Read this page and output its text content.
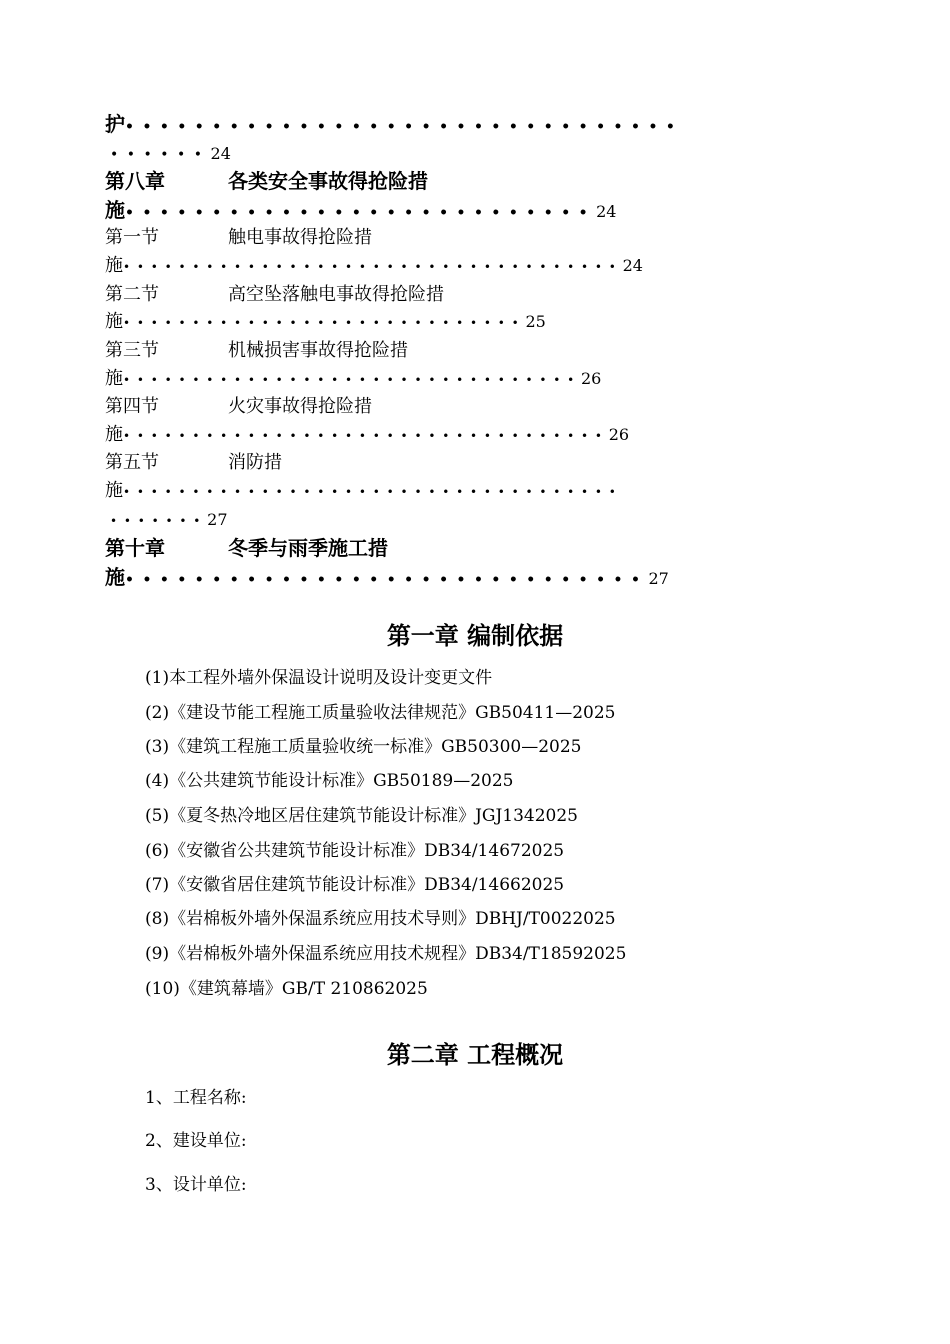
护••••••••••••••••••••••••••••••••
••••••24
第八章	各类安全事故得抢险措
施•••••••••••••••••••••••••••24
第一节	触电事故得抢险措
施••••••••••••••••••••••••••••••••••••24
第二节	高空坠落触电事故得抢险措
施•••••••••••••••••••••••••••••25
第三节	机械损害事故得抢险措
施•••••••••••••••••••••••••••••••••26
第四节	火灾事故得抢险措
施•••••••••••••••••••••••••••••••••••26
第五节	消防措
施••••••••••••••••••••••••••••••••••••
•••••••27
第十章	冬季与雨季施工措
施••••••••••••••••••••••••••••••27
第一章 编制依据
(1)本工程外墙外保温设计说明及设计变更文件
(2)《建设节能工程施工质量验收法律规范》GB50411—2025
(3)《建筑工程施工质量验收统一标准》GB50300—2025
(4)《公共建筑节能设计标准》GB50189—2025
(5)《夏冬热冷地区居住建筑节能设计标准》JGJ1342025
(6)《安徽省公共建筑节能设计标准》DB34/14672025
(7)《安徽省居住建筑节能设计标准》DB34/14662025
(8)《岩棉板外墙外保温系统应用技术导则》DBHJ/T0022025
(9)《岩棉板外墙外保温系统应用技术规程》DB34/T18592025
(10)《建筑幕墙》GB/T 210862025
第二章 工程概况
1、工程名称:
2、建设单位:
3、设计单位:
